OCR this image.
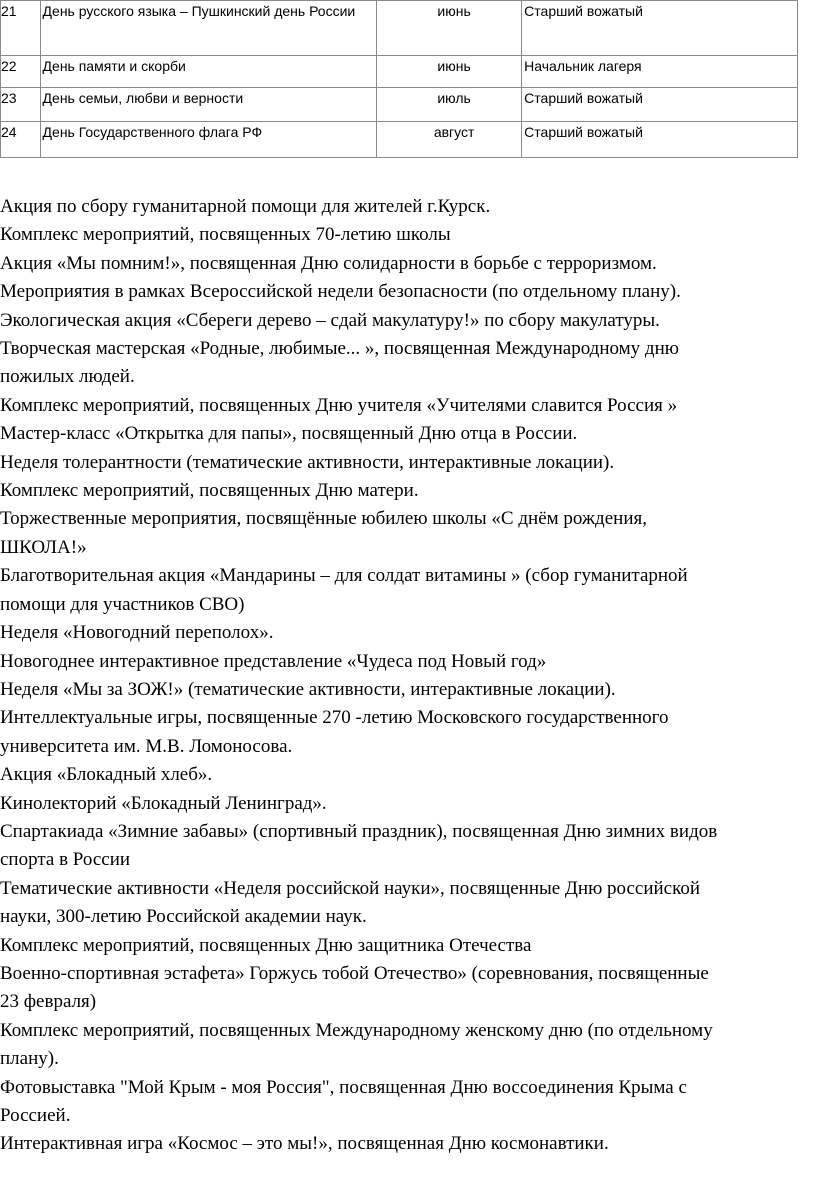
21	День русского языка – Пушкинский день России	июнь	Старший вожатый
22	День памяти и скорби	июнь	Начальник лагеря
23	День семьи, любви и верности	июль	Старший вожатый
24	День Государственного флага РФ	август	Старший вожатый

Акция по сбору гуманитарной помощи для жителей г.Курск.

Комплекс мероприятий, посвященных 70-летию школы

Акция «Мы помним!», посвященная Дню солидарности в борьбе с терроризмом.

Мероприятия в рамках Всероссийской недели безопасности (по отдельному плану).

Экологическая акция «Сбереги дерево – сдай макулатуру!» по сбору макулатуры.

Творческая мастерская «Родные, любимые... », посвященная Международному дню

пожилых людей.

Комплекс мероприятий, посвященных Дню учителя «Учителями славится Россия »

Мастер-класс «Открытка для папы», посвященный Дню отца в России.

Неделя толерантности (тематические активности, интерактивные локации).

Комплекс мероприятий, посвященных Дню матери.

Торжественные мероприятия, посвящённые юбилею школы «С днём рождения,

ШКОЛА!»

Благотворительная акция «Мандарины – для солдат витамины » (сбор гуманитарной

помощи для участников СВО)

Неделя «Новогодний переполох».

Новогоднее интерактивное представление «Чудеса под Новый год»

Неделя «Мы за ЗОЖ!» (тематические активности, интерактивные локации).

Интеллектуальные игры, посвященные 270 -летию Московского государственного

университета им. М.В. Ломоносова.

Акция «Блокадный хлеб».

Кинолекторий «Блокадный Ленинград».

Спартакиада «Зимние забавы» (спортивный праздник), посвященная Дню зимних видов

спорта в России

Тематические активности «Неделя российской науки», посвященные Дню российской

науки, 300-летию Российской академии наук.

Комплекс мероприятий, посвященных Дню защитника Отечества

Военно-спортивная эстафета» Горжусь тобой Отечество» (соревнования, посвященные

23 февраля)

Комплекс мероприятий, посвященных Международному женскому дню (по отдельному

плану).

Фотовыставка "Мой Крым - моя Россия", посвященная Дню воссоединения Крыма с

Россией.

Интерактивная игра «Космос – это мы!», посвященная Дню космонавтики.
